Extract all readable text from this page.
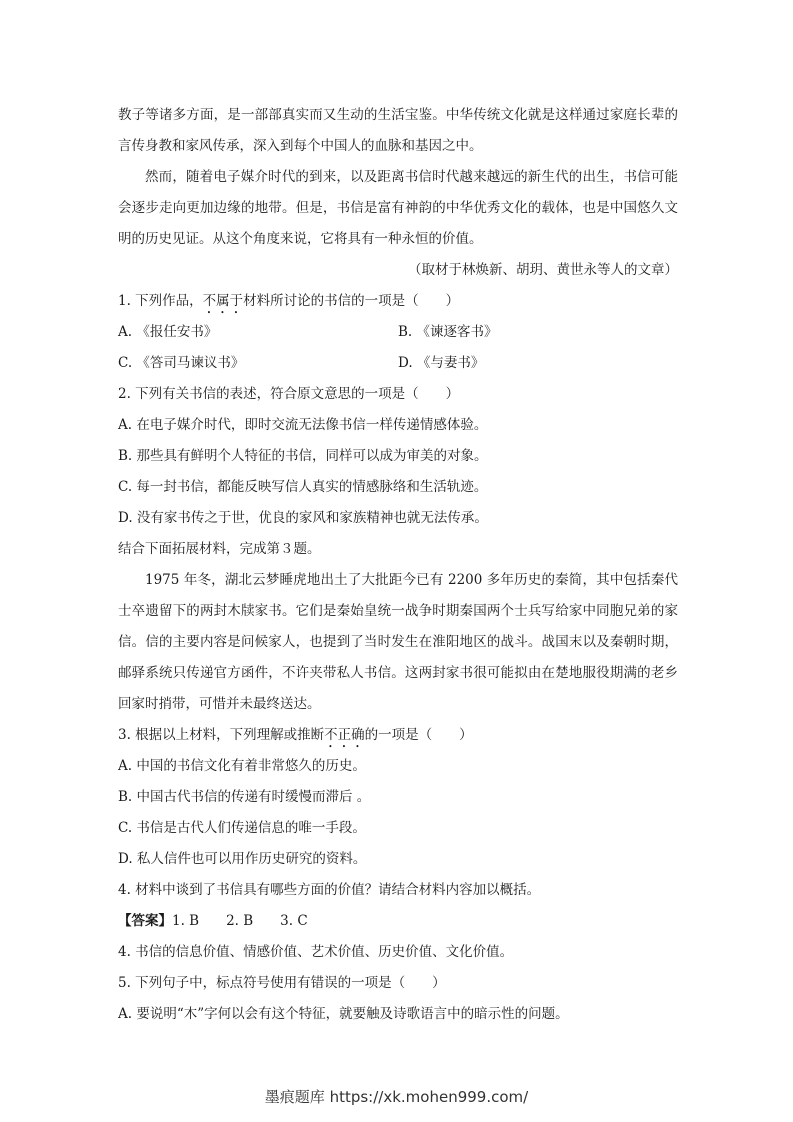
教子等诸多方面，是一部部真实而又生动的生活宝鉴。中华传统文化就是这样通过家庭长辈的言传身教和家风传承，深入到每个中国人的血脉和基因之中。

然而，随着电子媒介时代的到来，以及距离书信时代越来越远的新生代的出生，书信可能会逐步走向更加边缘的地带。但是，书信是富有神韵的中华优秀文化的载体，也是中国悠久文明的历史见证。从这个角度来说，它将具有一种永恒的价值。

（取材于林焕新、胡玥、黄世永等人的文章）

1. 下列作品，不属于材料所讨论的书信的一项是（　　）

A. 《报任安书》	B. 《谏逐客书》
C. 《答司马谏议书》	D. 《与妻书》

2. 下列有关书信的表述，符合原文意思的一项是（　　）

A. 在电子媒介时代，即时交流无法像书信一样传递情感体验。

B. 那些具有鲜明个人特征的书信，同样可以成为审美的对象。

C. 每一封书信，都能反映写信人真实的情感脉络和生活轨迹。

D. 没有家书传之于世，优良的家风和家族精神也就无法传承。

结合下面拓展材料，完成第３题。

1975 年冬，湖北云梦睡虎地出土了大批距今已有 2200 多年历史的秦简，其中包括秦代士卒遗留下的两封木牍家书。它们是秦始皇统一战争时期秦国两个士兵写给家中同胞兄弟的家信。信的主要内容是问候家人，也提到了当时发生在淮阳地区的战斗。战国末以及秦朝时期，邮驿系统只传递官方函件，不许夹带私人书信。这两封家书很可能拟由在楚地服役期满的老乡回家时捎带，可惜并未最终送达。

3. 根据以上材料，下列理解或推断不正确的一项是（　　）

A. 中国的书信文化有着非常悠久的历史。

B. 中国古代书信的传递有时缓慢而滞后 。

C. 书信是古代人们传递信息的唯一手段。

D. 私人信件也可以用作历史研究的资料。

4. 材料中谈到了书信具有哪些方面的价值？请结合材料内容加以概括。

【答案】1. B　　2. B　　3. C

4. 书信的信息价值、情感价值、艺术价值、历史价值、文化价值。

5. 下列句子中，标点符号使用有错误的一项是（　　）

A. 要说明“木”字何以会有这个特征，就要触及诗歌语言中的暗示性的问题。

墨痕题库 https://xk.mohen999.com/
